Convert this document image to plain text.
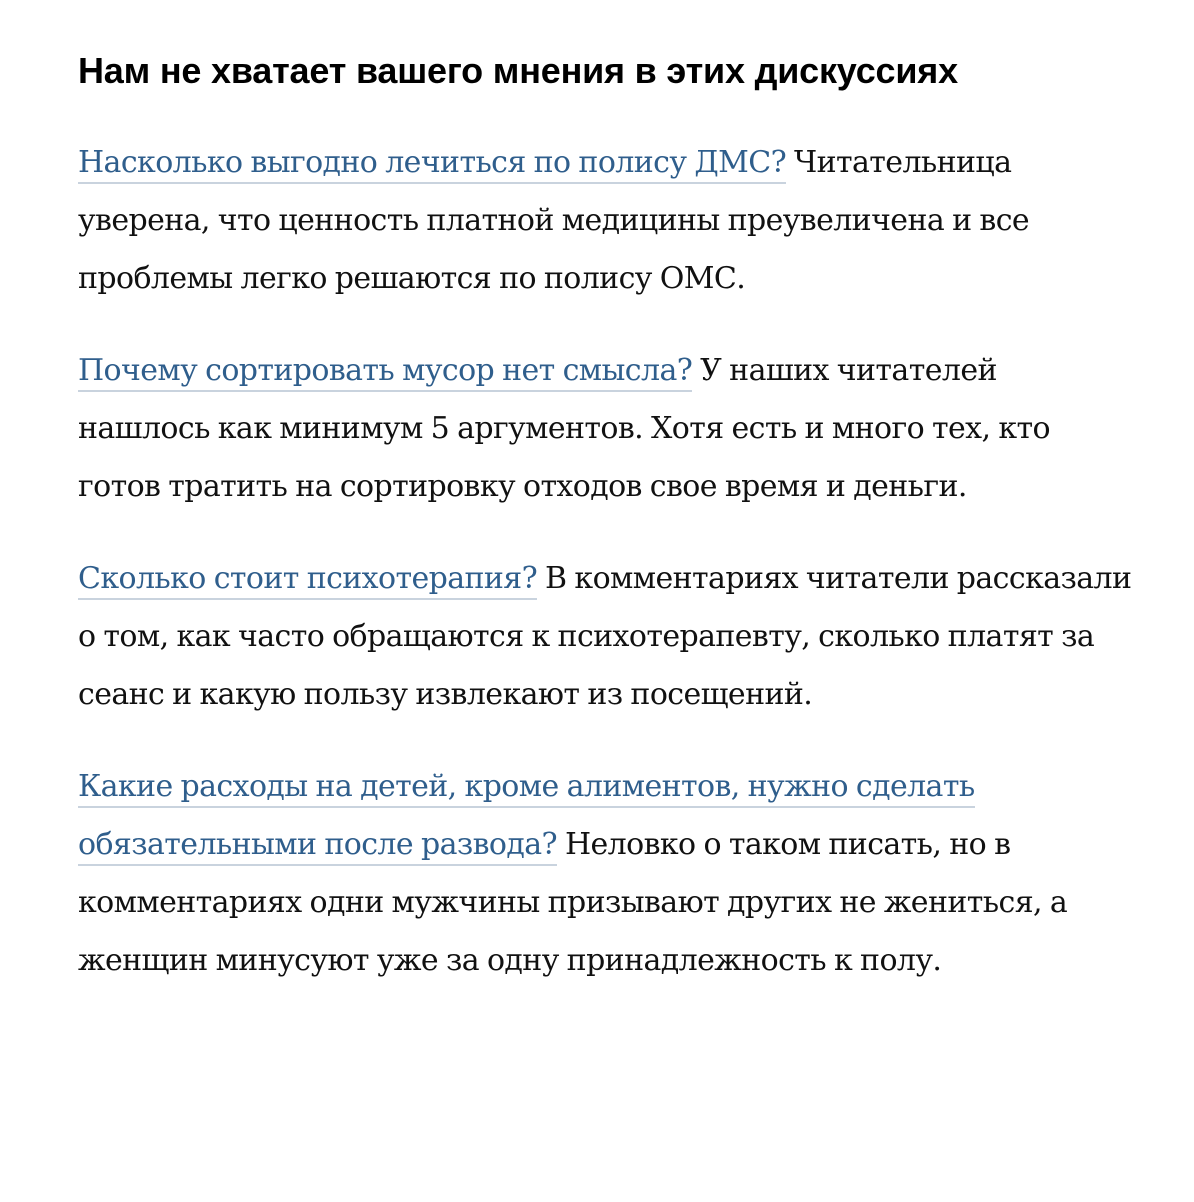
Нам не хватает вашего мнения в этих дискуссиях

Насколько выгодно лечиться по полису ДМС? Читательница уверена, что ценность платной медицины преувеличена и все проблемы легко решаются по полису ОМС.

Почему сортировать мусор нет смысла? У наших читателей нашлось как минимум 5 аргументов. Хотя есть и много тех, кто готов тратить на сортировку отходов свое время и деньги.

Сколько стоит психотерапия? В комментариях читатели рассказали о том, как часто обращаются к психотерапевту, сколько платят за сеанс и какую пользу извлекают из посещений.

Какие расходы на детей, кроме алиментов, нужно сделать обязательными после развода? Неловко о таком писать, но в комментариях одни мужчины призывают других не жениться, а женщин минусуют уже за одну принадлежность к полу.
